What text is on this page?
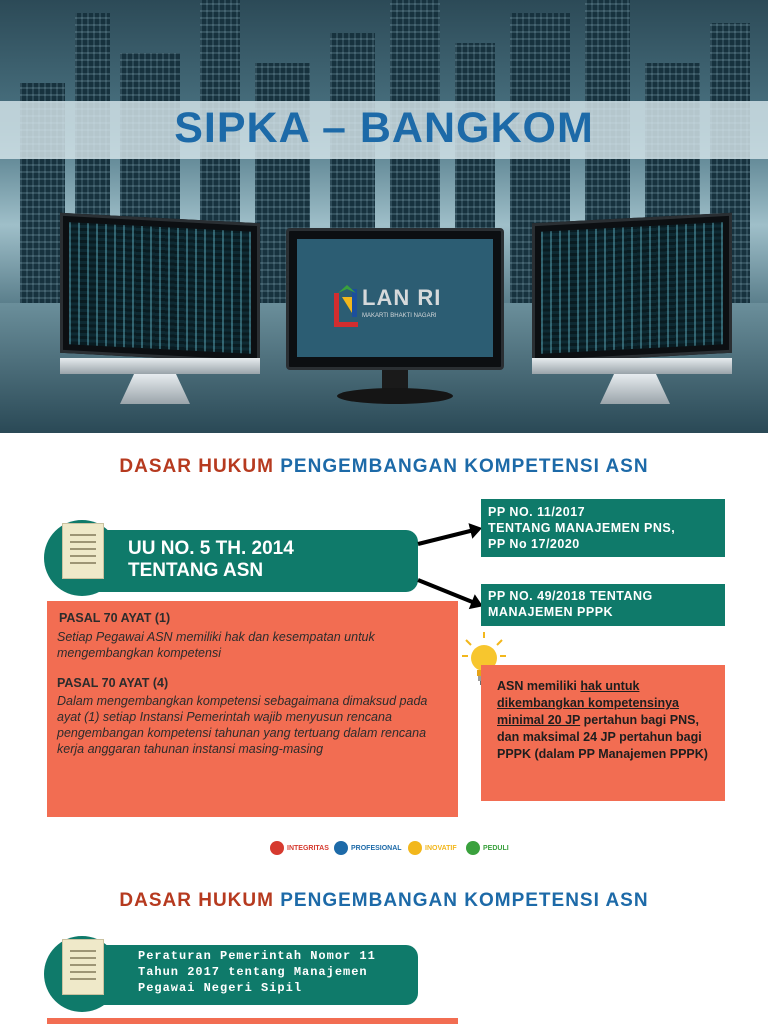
SIPKA – BANGKOM
LAN RI
MAKARTI BHAKTI NAGARI
DASAR HUKUM PENGEMBANGAN KOMPETENSI ASN
UU NO. 5 TH. 2014
TENTANG ASN
PP NO. 11/2017
TENTANG MANAJEMEN PNS,
PP No 17/2020
PP NO. 49/2018 TENTANG
MANAJEMEN PPPK
PASAL 70 AYAT (1)
Setiap Pegawai ASN memiliki hak dan kesempatan untuk mengembangkan kompetensi
PASAL 70 AYAT (4)
Dalam mengembangkan kompetensi sebagaimana dimaksud pada ayat (1) setiap Instansi Pemerintah wajib menyusun rencana pengembangan kompetensi tahunan yang tertuang dalam rencana kerja anggaran tahunan instansi masing-masing
ASN memiliki hak untuk dikembangkan kompetensinya minimal 20 JP pertahun bagi PNS, dan maksimal 24 JP pertahun bagi PPPK (dalam PP Manajemen PPPK)
INTEGRITAS	PROFESIONAL	INOVATIF	PEDULI
DASAR HUKUM PENGEMBANGAN KOMPETENSI ASN
Peraturan Pemerintah Nomor 11
Tahun 2017 tentang Manajemen
Pegawai Negeri Sipil
